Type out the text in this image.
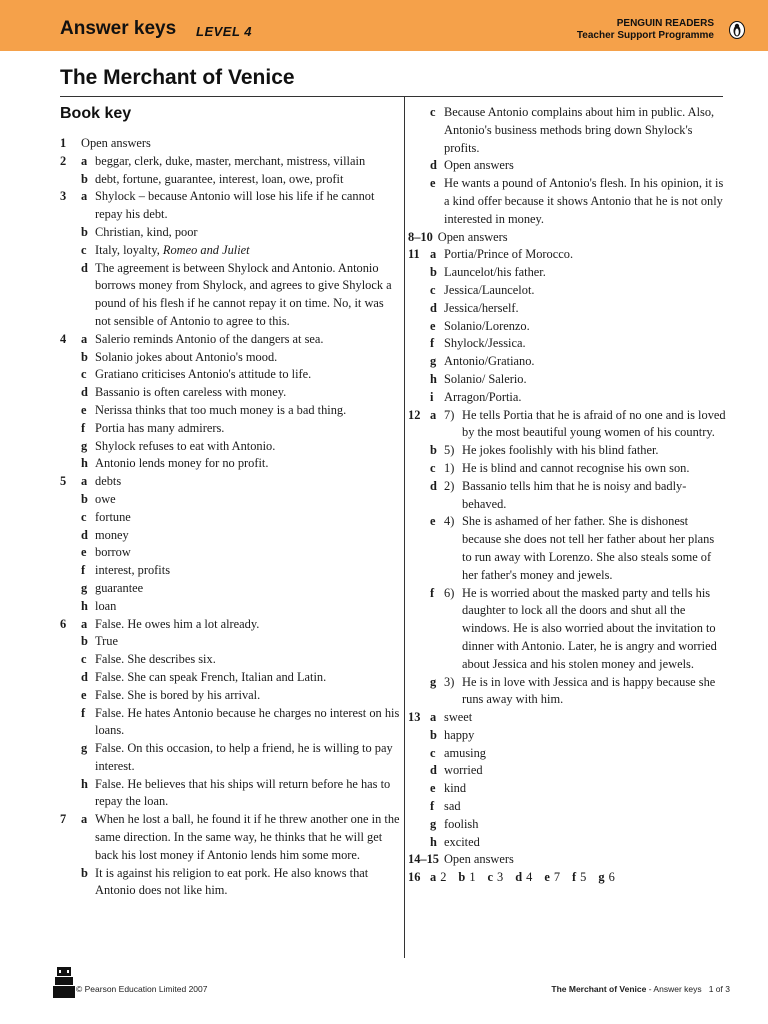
Answer keys LEVEL 4
PENGUIN READERS
Teacher Support Programme
The Merchant of Venice
Book key
1	Open answers
2	a beggar, clerk, duke, master, merchant, mistress, villain
b debt, fortune, guarantee, interest, loan, owe, profit
3	a Shylock – because Antonio will lose his life if he cannot repay his debt.
b Christian, kind, poor
c Italy, loyalty, Romeo and Juliet
d The agreement is between Shylock and Antonio. Antonio borrows money from Shylock, and agrees to give Shylock a pound of his flesh if he cannot repay it on time. No, it was not sensible of Antonio to agree to this.
4	a Salerio reminds Antonio of the dangers at sea.
b Solanio jokes about Antonio's mood.
c Gratiano criticises Antonio's attitude to life.
d Bassanio is often careless with money.
e Nerissa thinks that too much money is a bad thing.
f Portia has many admirers.
g Shylock refuses to eat with Antonio.
h Antonio lends money for no profit.
5	a debts
b owe
c fortune
d money
e borrow
f interest, profits
g guarantee
h loan
6	a False. He owes him a lot already.
b True
c False. She describes six.
d False. She can speak French, Italian and Latin.
e False. She is bored by his arrival.
f False. He hates Antonio because he charges no interest on his loans.
g False. On this occasion, to help a friend, he is willing to pay interest.
h False. He believes that his ships will return before he has to repay the loan.
7	a When he lost a ball, he found it if he threw another one in the same direction. In the same way, he thinks that he will get back his lost money if Antonio lends him some more.
b It is against his religion to eat pork. He also knows that Antonio does not like him.
c Because Antonio complains about him in public. Also, Antonio's business methods bring down Shylock's profits.
d Open answers
e He wants a pound of Antonio's flesh. In his opinion, it is a kind offer because it shows Antonio that he is not only interested in money.
8–10 Open answers
11 a Portia/Prince of Morocco.
b Launcelot/his father.
c Jessica/Launcelot.
d Jessica/herself.
e Solanio/Lorenzo.
f Shylock/Jessica.
g Antonio/Gratiano.
h Solanio/ Salerio.
i Arragon/Portia.
12 a 7) He tells Portia that he is afraid of no one and is loved by the most beautiful young women of his country.
b 5) He jokes foolishly with his blind father.
c 1) He is blind and cannot recognise his own son.
d 2) Bassanio tells him that he is noisy and badly-behaved.
e 4) She is ashamed of her father. She is dishonest because she does not tell her father about her plans to run away with Lorenzo. She also steals some of her father's money and jewels.
f 6) He is worried about the masked party and tells his daughter to lock all the doors and shut all the windows. He is also worried about the invitation to dinner with Antonio. Later, he is angry and worried about Jessica and his stolen money and jewels.
g 3) He is in love with Jessica and is happy because she runs away with him.
13 a sweet
b happy
c amusing
d worried
e kind
f sad
g foolish
h excited
14–15 Open answers
16 a 2 b 1 c 3 d 4 e 7 f 5 g 6
© Pearson Education Limited 2007	The Merchant of Venice - Answer keys 1 of 3
